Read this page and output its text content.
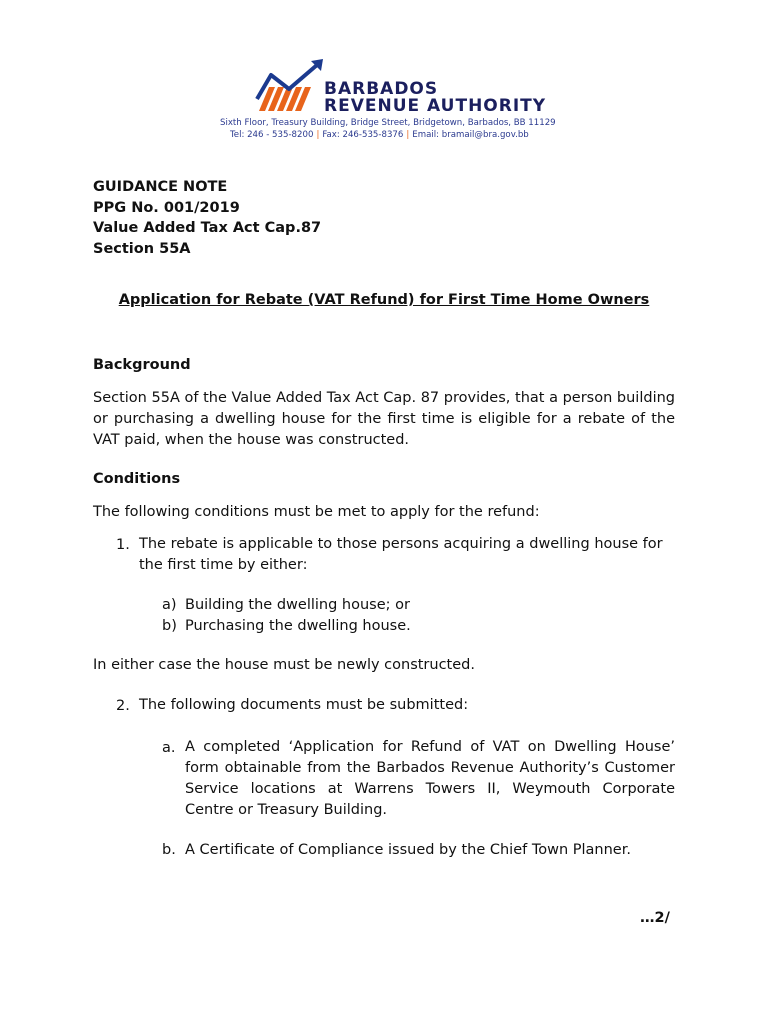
BARBADOS
REVENUE AUTHORITY
Sixth Floor, Treasury Building, Bridge Street, Bridgetown, Barbados, BB 11129
Tel: 246 - 535-8200 | Fax: 246-535-8376 | Email: bramail@bra.gov.bb
GUIDANCE NOTE
PPG No. 001/2019
Value Added Tax Act Cap.87
Section 55A
Application for Rebate (VAT Refund) for First Time Home Owners
Background

Section 55A of the Value Added Tax Act Cap. 87 provides, that a person building or purchasing a dwelling house for the first time is eligible for a rebate of the VAT paid, when the house was constructed.

Conditions

The following conditions must be met to apply for the refund:

1. The rebate is applicable to those persons acquiring a dwelling house for the first time by either:

a) Building the dwelling house; or
b) Purchasing the dwelling house.

In either case the house must be newly constructed.

2. The following documents must be submitted:

a. A completed ‘Application for Refund of VAT on Dwelling House’ form obtainable from the Barbados Revenue Authority’s Customer Service locations at Warrens Towers II, Weymouth Corporate Centre or Treasury Building.

b. A Certificate of Compliance issued by the Chief Town Planner.
…2/
